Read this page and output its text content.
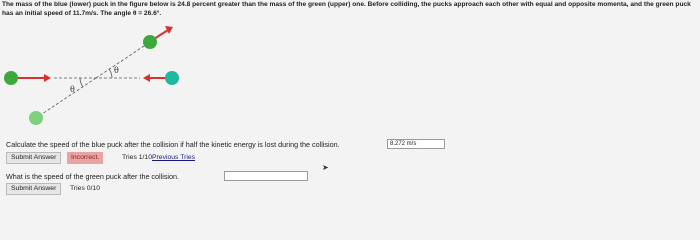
The mass of the blue (lower) puck in the figure below is 24.8 percent greater than the mass of the green (upper) one. Before colliding, the pucks approach each other with equal and opposite momenta, and the green puck has an initial speed of 11.7m/s. The angle θ = 26.6°.
θ
θ
Calculate the speed of the blue puck after the collision if half the kinetic energy is lost during the collision.	8.272 m/s
Submit Answer	Incorrect.	Tries 1/10 Previous Tries
➤
What is the speed of the green puck after the collision.
Submit Answer	Tries 0/10
